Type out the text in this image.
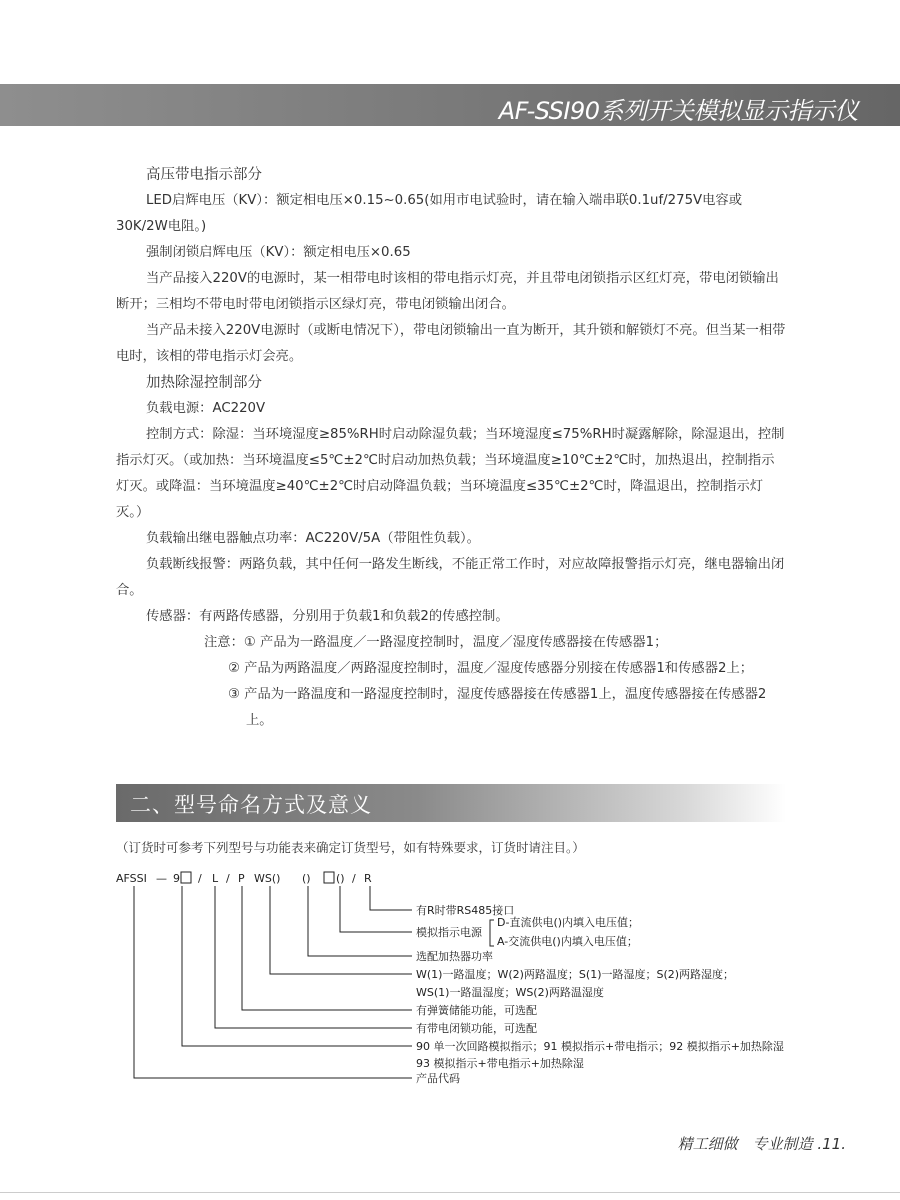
AF-SSI90系列开关模拟显示指示仪

高压带电指示部分

LED启辉电压（KV）：额定相电压×0.15~0.65(如用市电试验时，请在输入端串联0.1uf/275V电容或30K/2W电阻。)

强制闭锁启辉电压（KV）：额定相电压×0.65

当产品接入220V的电源时，某一相带电时该相的带电指示灯亮，并且带电闭锁指示区红灯亮，带电闭锁输出断开；三相均不带电时带电闭锁指示区绿灯亮，带电闭锁输出闭合。

当产品未接入220V电源时（或断电情况下），带电闭锁输出一直为断开，其升锁和解锁灯不亮。但当某一相带电时，该相的带电指示灯会亮。

加热除湿控制部分

负载电源：AC220V

控制方式：除湿：当环境湿度≥85%RH时启动除湿负载；当环境湿度≤75%RH时凝露解除，除湿退出，控制指示灯灭。（或加热：当环境温度≤5℃±2℃时启动加热负载；当环境温度≥10℃±2℃时，加热退出，控制指示灯灭。或降温：当环境温度≥40℃±2℃时启动降温负载；当环境温度≤35℃±2℃时，降温退出，控制指示灯灭。）

负载输出继电器触点功率：AC220V/5A（带阻性负载）。

负载断线报警：两路负载，其中任何一路发生断线，不能正常工作时，对应故障报警指示灯亮，继电器输出闭合。

传感器：有两路传感器，分别用于负载1和负载2的传感控制。

注意：① 产品为一路温度／一路湿度控制时，温度／湿度传感器接在传感器1；

② 产品为两路温度／两路湿度控制时，温度／湿度传感器分别接在传感器1和传感器2上；

③ 产品为一路温度和一路湿度控制时，湿度传感器接在传感器1上，温度传感器接在传感器2上。

二、型号命名方式及意义
（订货时可参考下列型号与功能表来确定订货型号，如有特殊要求，订货时请注目。）
AFSSI — 9 / L / P WS() () () / R
有R时带RS485接口
模拟指示电源
D-直流供电()内填入电压值；
A-交流供电()内填入电压值；
选配加热器功率
W(1)一路温度；W(2)两路温度；S(1)一路湿度；S(2)两路湿度；
WS(1)一路温湿度；WS(2)两路温湿度
有弹簧储能功能，可选配
有带电闭锁功能，可选配
90 单一次回路模拟指示；91 模拟指示+带电指示；92 模拟指示+加热除湿
93 模拟指示+带电指示+加热除湿
产品代码
精工细做　专业制造 .11.
